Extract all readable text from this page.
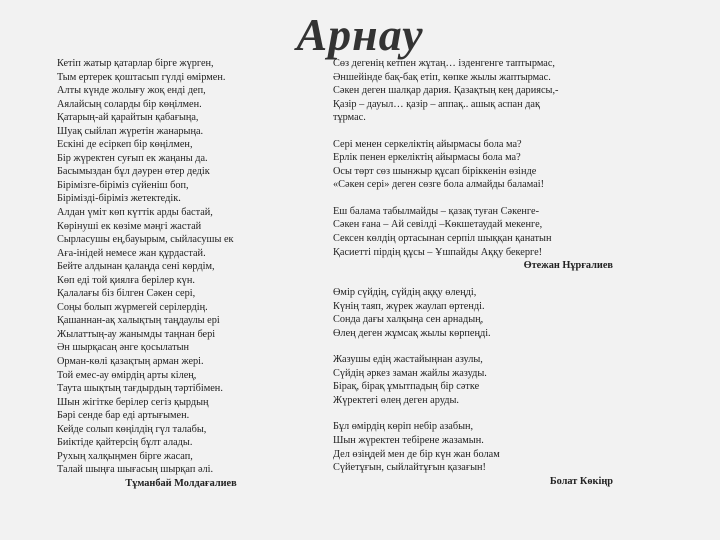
Арнау
Кетіп жатыр қатарлар бірге жүрген,
Тым ертерек қоштасып гүлді өмірмен.
Алты күнде жолығу жоқ енді деп,
Аялайсың соларды бір көңілмен.
Қатарың-ай қарайтын қабағыңа,
Шуақ сыйлап жүретін жанарыңа.
Ескіні де есіркеп бір көңілмен,
Бір жүректен суғып ек жаңаны да.
Басымыздан бұл дәурен өтер дедік
Бірімізге-біріміз сүйеніш боп,
Бірімізді-біріміз жетектедік.
Алдан үміт көп күттік арды бастай,
Көрінуші ек көзіме мәңгі жастай
Сырласушы ең,бауырым, сыйласушы ек
Аға-інідей немесе жан құрдастай.
Бейте алдынан қалаңда сені көрдім,
Көп еді той қиялға берілер күн.
Қалалағы біз білген Сәкен сері,
Соңы болып жүрмегей серілердің.
Қашаннан-ақ халықтың таңдаулы ері
Жылаттың-ау жанымды таңнан бері
Ән шырқасаң әнге қосылатын
Орман-көлі қазақтың арман жері.
Той емес-ау өмірдің арты кілең,
Таута шықтың тағдырдың тәртібімен.
Шын жігітке берілер сегіз қырдың
Бәрі сенде бар еді артығымен.
Кейде солып көңілдің гүл талабы,
Биіктіде қайтерсің бұлт алады.
Рухың халқыңмен бірге жасап,
Талай шыңға шығасың шырқап әлі.
Тұманбай Молдағалиев
Сөз дегенің кетпен жұтаң… ізденгенге таптырмас,
Әншейінде бақ-бақ етіп, көпке жылы жаптырмас.
Сәкен деген шалқар дария. Қазақтың кең дариясы,-
Қазір – дауыл… қазір – аппақ.. ашық аспан дақ
тұрмас.
Сері менен серкеліктің айырмасы бола ма?
Ерлік пенен еркеліктің айырмасы бола ма?
Осы төрт сөз шынжыр құсап біріккенін өзінде
«Сәкен сері» деген сөзге бола алмайды баламаі!
Еш балама табылмайды – қазақ туған Сәкенге-
Сәкен ғана – Ай севілді –Көкшетаудай мекенге,
Сексен көлдің ортасынан серпіл шыққан қанатын
Қасиетті пірдің құсы – Ұшпайды Аққу бекерге!
Өтежан Нұрғалиев
Өмір сүйдің, сүйдің аққу өлеңді,
Күнің таяп, жүрек жаулап өртенді.
Сонда дағы халқыңа сен арнадың,
Өлең деген жұмсақ жылы көрпеңді.
Жазушы едің жастайыңнан азулы,
Сүйдің әркез заман жайлы жазуды.
Бірақ, бірақ ұмытпадың бір сәтке
Жүректегі өлең деген аруды.
Бұл өмірдің көріп небір азабын,
Шын жүректен тебірене жазамын.
Дел өзіңдей мен де бір күн жан болам
Сүйетұғын, сыйлайтұғын қазағын!
Болат Көкіңр
